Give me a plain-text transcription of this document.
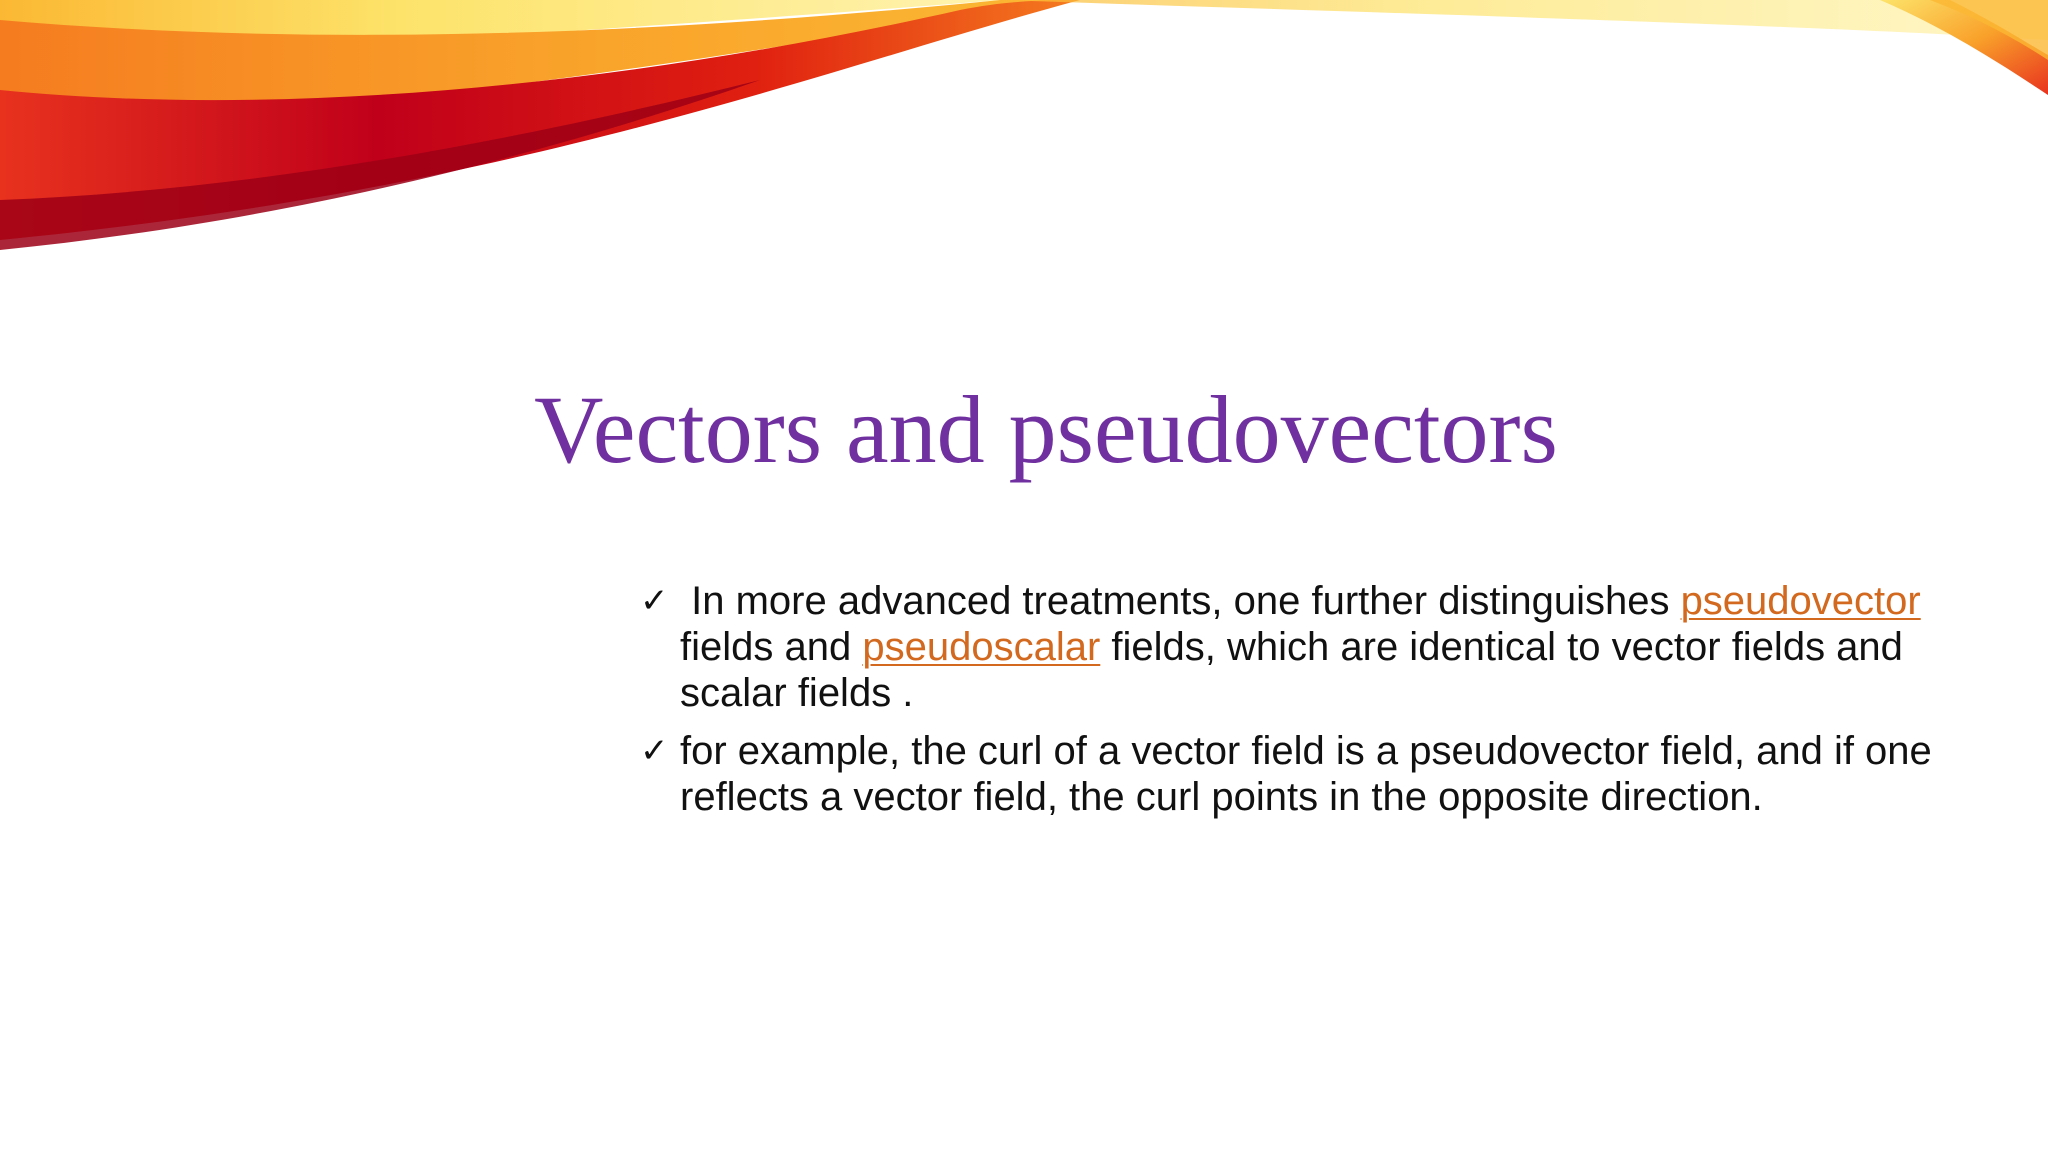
Vectors and pseudovectors
✓ In more advanced treatments, one further distinguishes pseudovector fields and pseudoscalar fields, which are identical to vector fields and scalar fields .
✓ for example, the curl of a vector field is a pseudovector field, and if one reflects a vector field, the curl points in the opposite direction.
